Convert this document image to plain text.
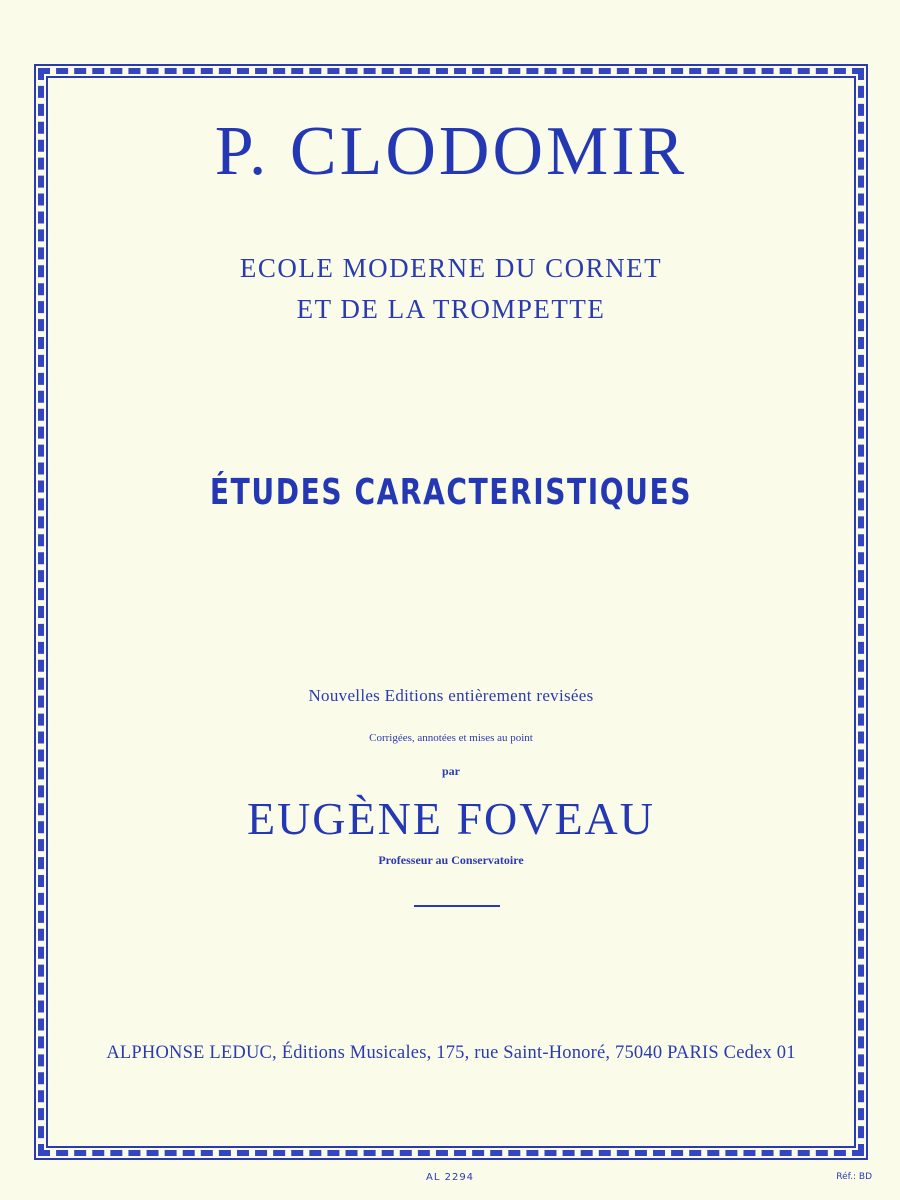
P. CLODOMIR
ECOLE MODERNE DU CORNET
ET DE LA TROMPETTE
ÉTUDES CARACTERISTIQUES
Nouvelles Editions entièrement revisées
Corrigées, annotées et mises au point
par
EUGÈNE FOVEAU
Professeur au Conservatoire
ALPHONSE LEDUC, Éditions Musicales, 175, rue Saint-Honoré, 75040 PARIS Cedex 01
AL 2294	Réf.: BD
